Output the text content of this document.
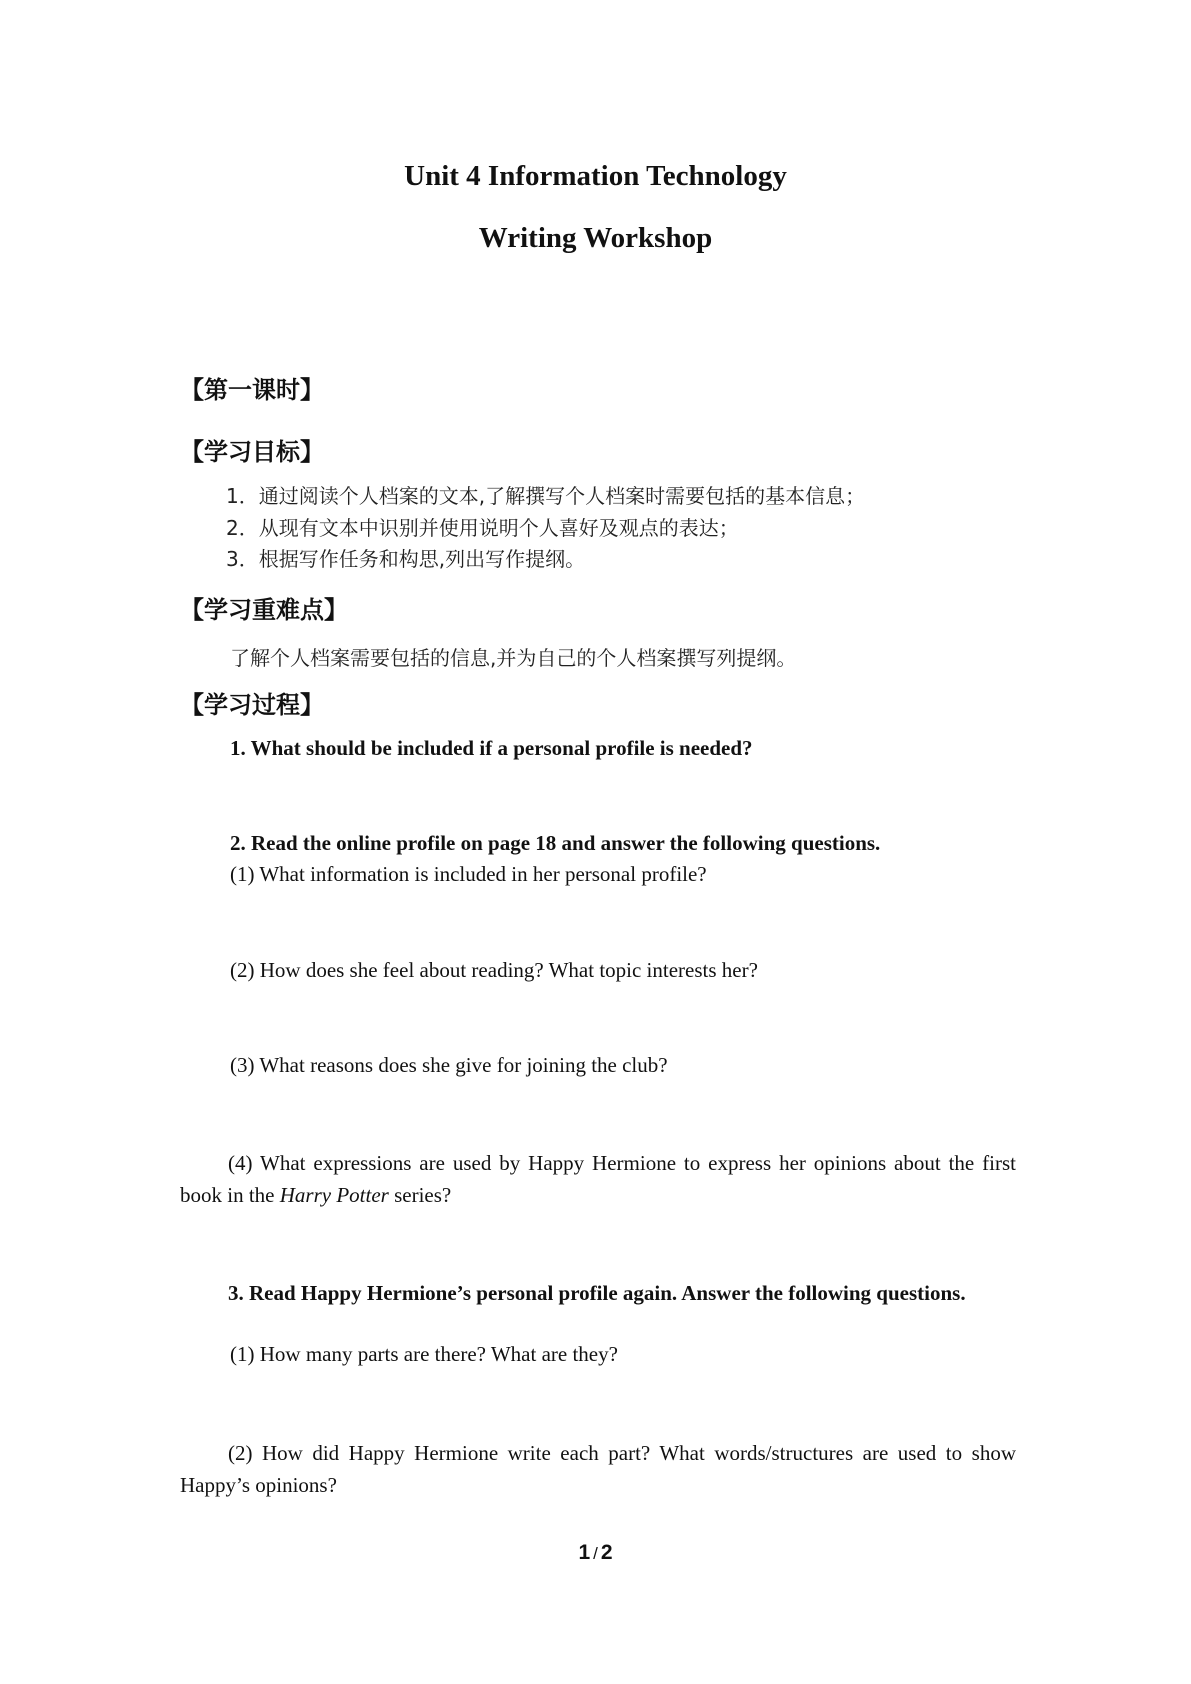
Unit 4 Information Technology
Writing Workshop
【第一课时】
【学习目标】
1．通过阅读个人档案的文本,了解撰写个人档案时需要包括的基本信息；
2．从现有文本中识别并使用说明个人喜好及观点的表达；
3．根据写作任务和构思,列出写作提纲。
【学习重难点】
了解个人档案需要包括的信息,并为自己的个人档案撰写列提纲。
【学习过程】
1. What should be included if a personal profile is needed?
2. Read the online profile on page 18 and answer the following questions.
(1) What information is included in her personal profile?
(2) How does she feel about reading? What topic interests her?
(3) What reasons does she give for joining the club?
(4) What expressions are used by Happy Hermione to express her opinions about the first book in the Harry Potter series?
3. Read Happy Hermione’s personal profile again. Answer the following questions.
(1) How many parts are there? What are they?
(2) How did Happy Hermione write each part? What words/structures are used to show Happy’s opinions?
1 / 2
